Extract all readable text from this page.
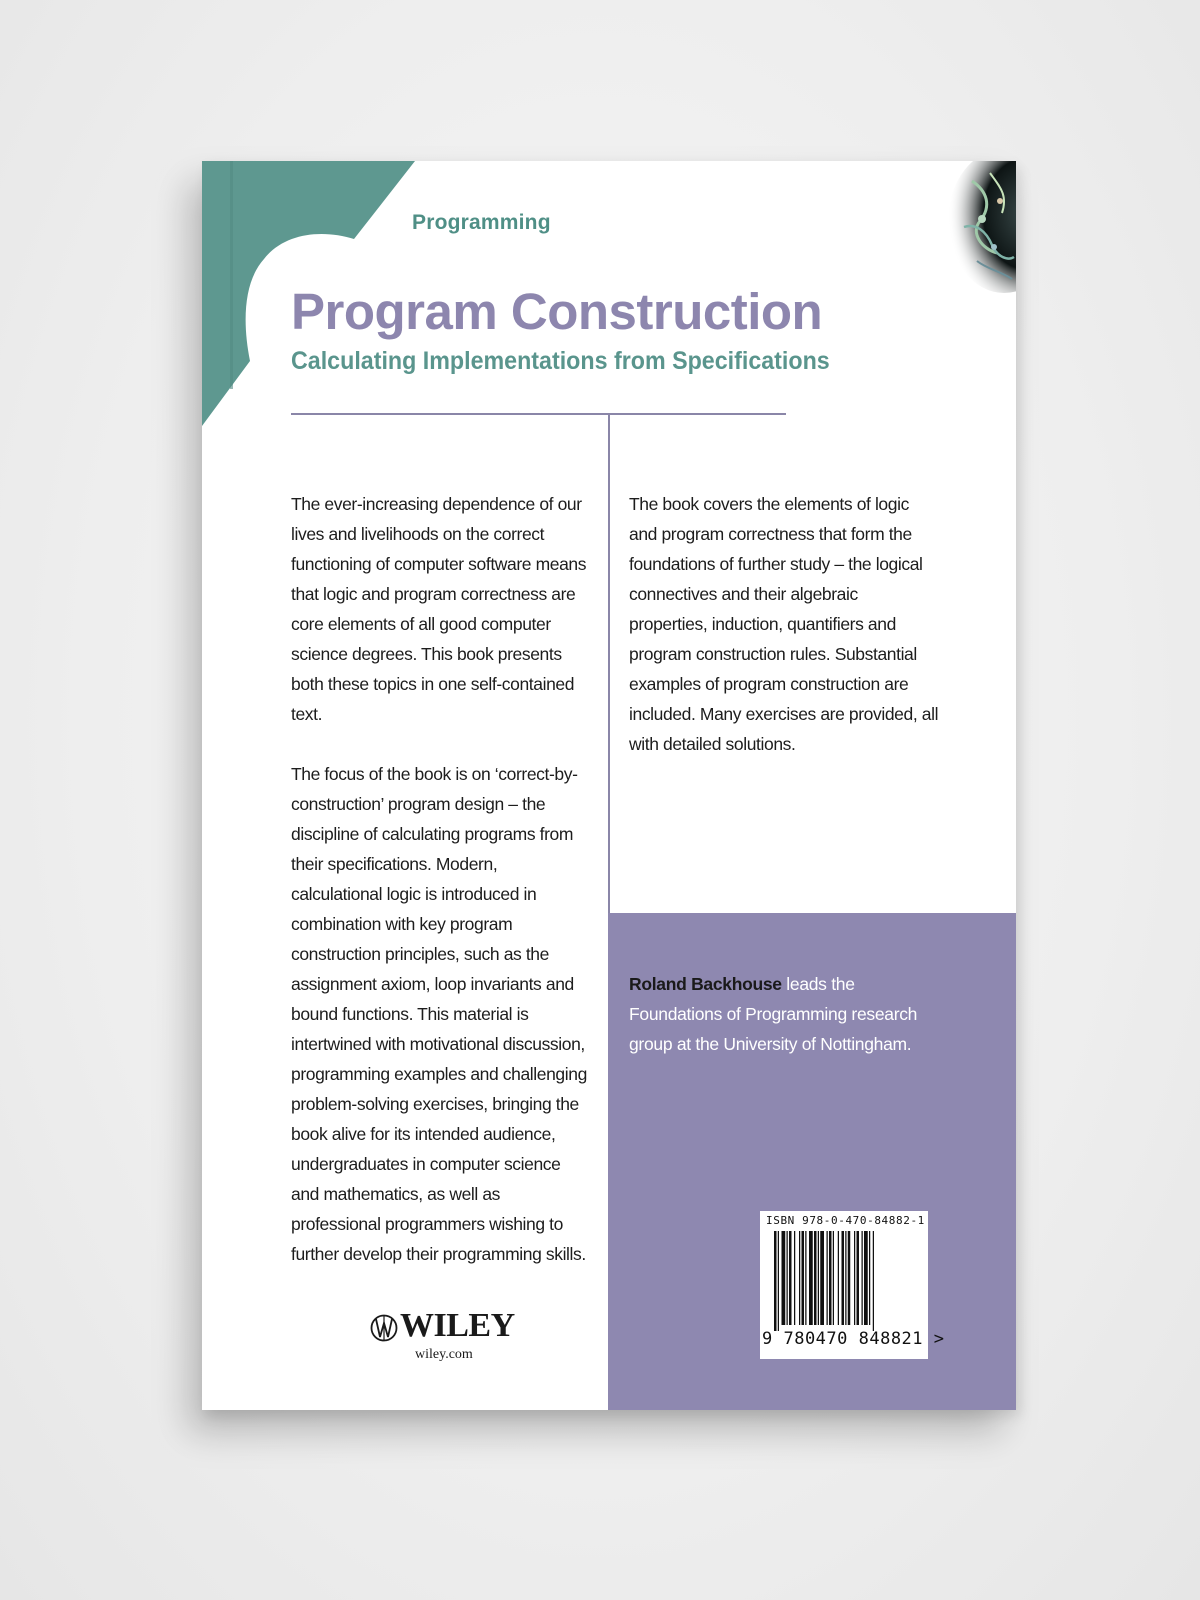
Programming
Program Construction
Calculating Implementations from Specifications

The ever-increasing dependence of our lives and livelihoods on the correct functioning of computer software means that logic and program correctness are core elements of all good computer science degrees. This book presents both these topics in one self-contained text.

The focus of the book is on ‘correct-by-construction’ program design – the discipline of calculating programs from their specifications. Modern, calculational logic is introduced in combination with key program construction principles, such as the assignment axiom, loop invariants and bound functions. This material is intertwined with motivational discussion, programming examples and challenging problem-solving exercises, bringing the book alive for its intended audience, undergraduates in computer science and mathematics, as well as professional programmers wishing to further develop their programming skills.

The book covers the elements of logic and program correctness that form the foundations of further study – the logical connectives and their algebraic properties, induction, quantifiers and program construction rules. Substantial examples of program construction are included. Many exercises are provided, all with detailed solutions.

Roland Backhouse leads the Foundations of Programming research group at the University of Nottingham.
ISBN 978-0-470-84882-1
9 780470 848821 >
WILEY
wiley.com
